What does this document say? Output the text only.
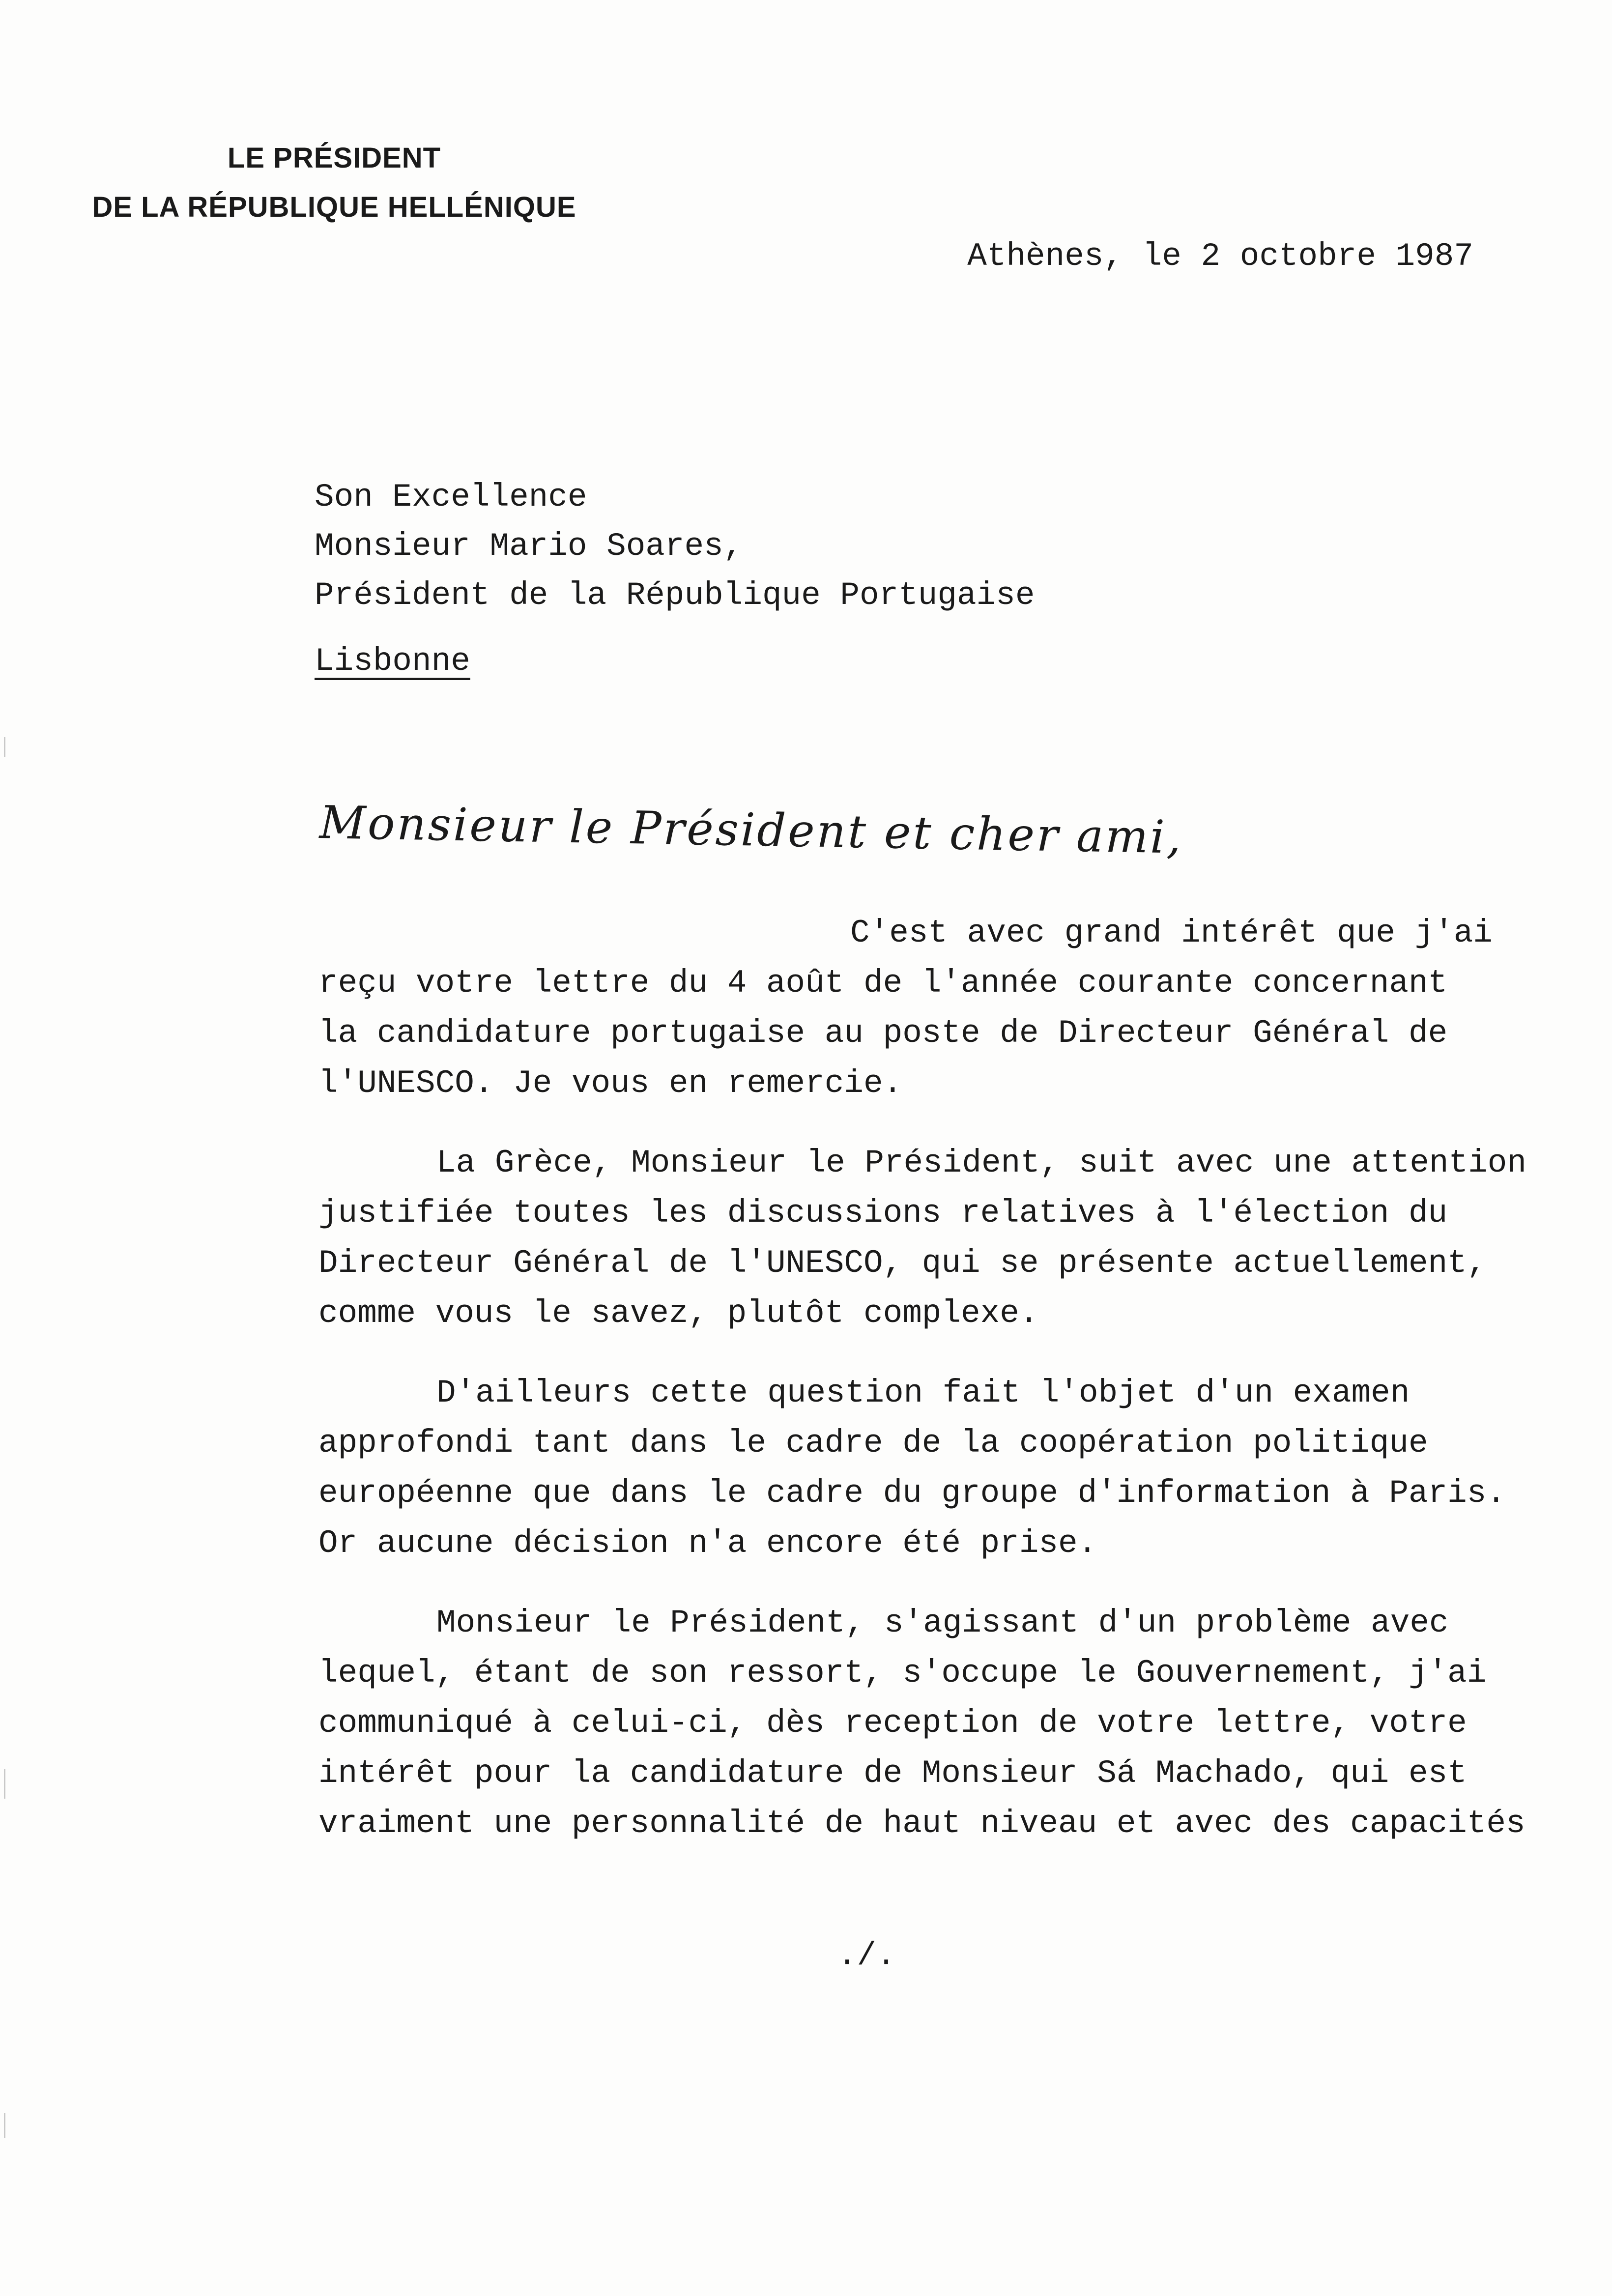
LE PRÉSIDENT
DE LA RÉPUBLIQUE HELLÉNIQUE
Athènes, le 2 octobre 1987
Son Excellence
Monsieur Mario Soares,
Président de la République Portugaise
Lisbonne
Monsieur le Président et cher ami,
C'est avec grand intérêt que j'ai
reçu votre lettre du 4 août de l'année courante concernant
la candidature portugaise au poste de Directeur Général de
l'UNESCO. Je vous en remercie.
La Grèce, Monsieur le Président, suit avec une attention
justifiée toutes les discussions relatives à l'élection du
Directeur Général de l'UNESCO, qui se présente actuellement,
comme vous le savez, plutôt complexe.
D'ailleurs cette question fait l'objet d'un examen
approfondi tant dans le cadre de la coopération politique
européenne que dans le cadre du groupe d'information à Paris.
Or aucune décision n'a encore été prise.
Monsieur le Président, s'agissant d'un problème avec
lequel, étant de son ressort, s'occupe le Gouvernement, j'ai
communiqué à celui-ci, dès reception de votre lettre, votre
intérêt pour la candidature de Monsieur Sá Machado, qui est
vraiment une personnalité de haut niveau et avec des capacités
./.
